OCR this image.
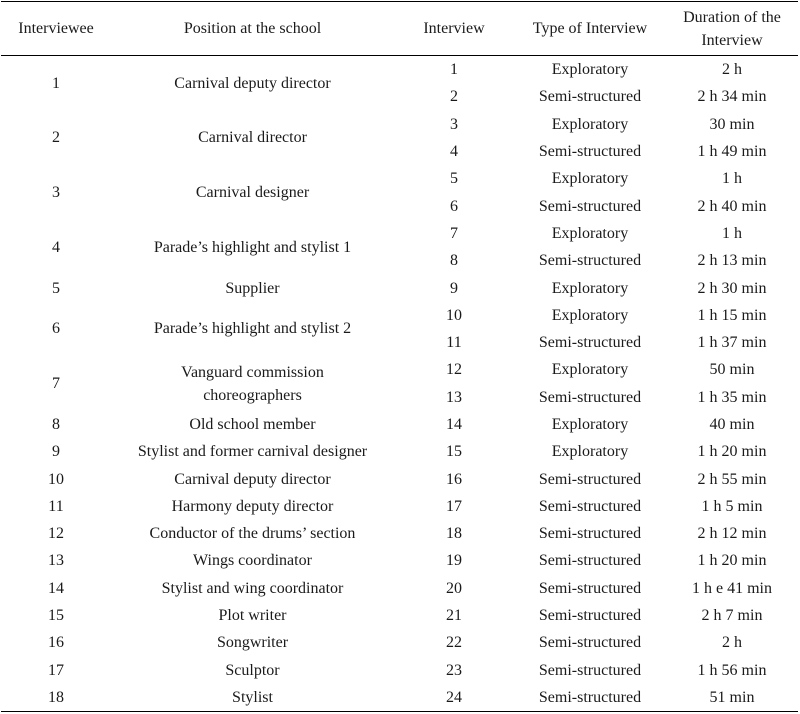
Interviewee	Position at the school	Interview	Type of Interview	Duration of the Interview
1	Carnival deputy director	1	Exploratory	2 h
		2	Semi-structured	2 h 34 min
2	Carnival director	3	Exploratory	30 min
		4	Semi-structured	1 h 49 min
3	Carnival designer	5	Exploratory	1 h
		6	Semi-structured	2 h 40 min
4	Parade’s highlight and stylist 1	7	Exploratory	1 h
		8	Semi-structured	2 h 13 min
5	Supplier	9	Exploratory	2 h 30 min
6	Parade’s highlight and stylist 2	10	Exploratory	1 h 15 min
		11	Semi-structured	1 h 37 min
7	Vanguard commission choreographers	12	Exploratory	50 min
		13	Semi-structured	1 h 35 min
8	Old school member	14	Exploratory	40 min
9	Stylist and former carnival designer	15	Exploratory	1 h 20 min
10	Carnival deputy director	16	Semi-structured	2 h 55 min
11	Harmony deputy director	17	Semi-structured	1 h 5 min
12	Conductor of the drums’ section	18	Semi-structured	2 h 12 min
13	Wings coordinator	19	Semi-structured	1 h 20 min
14	Stylist and wing coordinator	20	Semi-structured	1 h e 41 min
15	Plot writer	21	Semi-structured	2 h 7 min
16	Songwriter	22	Semi-structured	2 h
17	Sculptor	23	Semi-structured	1 h 56 min
18	Stylist	24	Semi-structured	51 min
